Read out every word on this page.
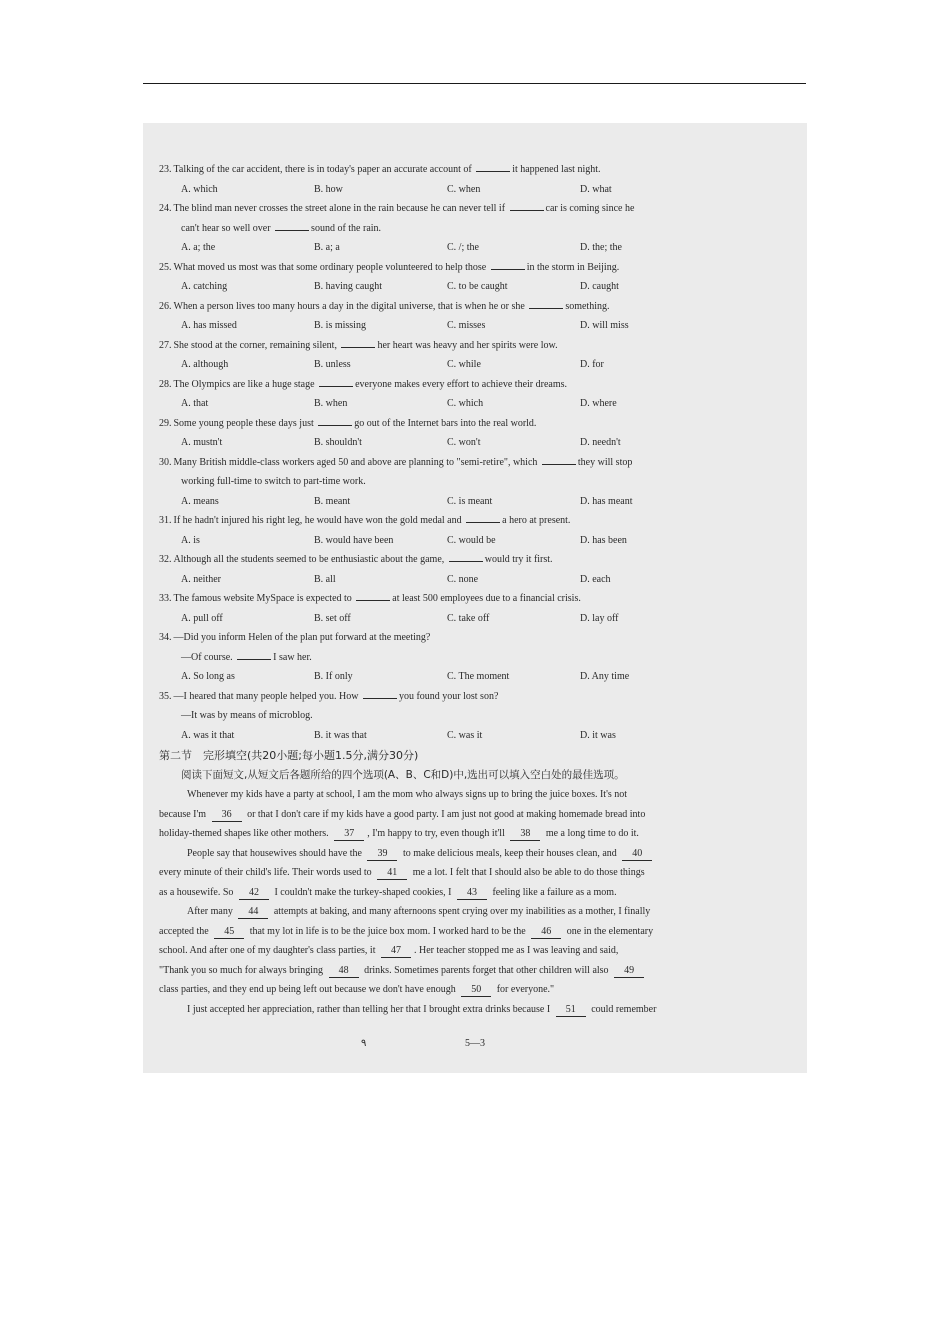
23. Talking of the car accident, there is in today's paper an accurate account of	it happened last night.

A. which	B. how	C. when	D. what

24. The blind man never crosses the street alone in the rain because he can never tell if	car is coming since he

can't hear so well over	sound of the rain.

A. a; the	B. a; a	C. /; the	D. the; the

25. What moved us most was that some ordinary people volunteered to help those	in the storm in Beijing.

A. catching	B. having caught	C. to be caught	D. caught

26. When a person lives too many hours a day in the digital universe, that is when he or she	something.

A. has missed	B. is missing	C. misses	D. will miss

27. She stood at the corner, remaining silent,	her heart was heavy and her spirits were low.

A. although	B. unless	C. while	D. for

28. The Olympics are like a huge stage	everyone makes every effort to achieve their dreams.

A. that	B. when	C. which	D. where

29. Some young people these days just	go out of the Internet bars into the real world.

A. mustn't	B. shouldn't	C. won't	D. needn't

30. Many British middle-class workers aged 50 and above are planning to "semi-retire", which	they will stop

working full-time to switch to part-time work.

A. means	B. meant	C. is meant	D. has meant

31. If he hadn't injured his right leg, he would have won the gold medal and	a hero at present.

A. is	B. would have been	C. would be	D. has been

32. Although all the students seemed to be enthusiastic about the game,	would try it first.

A. neither	B. all	C. none	D. each

33. The famous website MySpace is expected to	at least 500 employees due to a financial crisis.

A. pull off	B. set off	C. take off	D. lay off

34. —Did you inform Helen of the plan put forward at the meeting?

—Of course.	I saw her.

A. So long as	B. If only	C. The moment	D. Any time

35. —I heared that many people helped you. How	you found your lost son?

—It was by means of microblog.

A. was it that	B. it was that	C. was it	D. it was

第二节　完形填空(共20小题;每小题1.5分,满分30分)

阅读下面短文,从短文后各题所给的四个选项(A、B、C和D)中,选出可以填入空白处的最佳选项。

Whenever my kids have a party at school, I am the mom who always signs up to bring the juice boxes. It's not

because I'm 36 or that I don't care if my kids have a good party. I am just not good at making homemade bread into

holiday-themed shapes like other mothers. 37 , I'm happy to try, even though it'll 38 me a long time to do it.

People say that housewives should have the 39 to make delicious meals, keep their houses clean, and 40

every minute of their child's life. Their words used to 41 me a lot. I felt that I should also be able to do those things

as a housewife. So 42 I couldn't make the turkey-shaped cookies, I 43 feeling like a failure as a mom.

After many 44 attempts at baking, and many afternoons spent crying over my inabilities as a mother, I finally

accepted the 45 that my lot in life is to be the juice box mom. I worked hard to be the 46 one in the elementary

school. And after one of my daughter's class parties, it 47 . Her teacher stopped me as I was leaving and said,

"Thank you so much for always bringing 48 drinks. Sometimes parents forget that other children will also 49

class parties, and they end up being left out because we don't have enough 50 for everyone."

I just accepted her appreciation, rather than telling her that I brought extra drinks because I 51 could remember

٩	5—3
